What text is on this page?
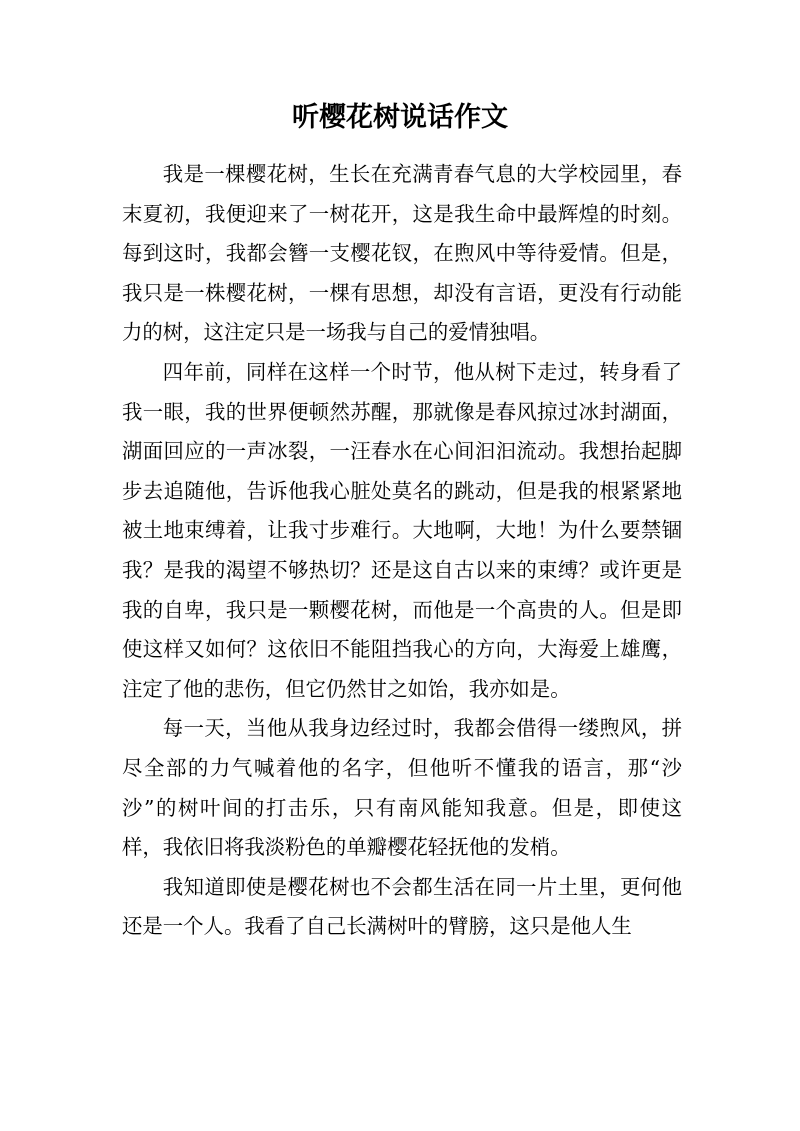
听樱花树说话作文

我是一棵樱花树，生长在充满青春气息的大学校园里，春末夏初，我便迎来了一树花开，这是我生命中最辉煌的时刻。每到这时，我都会簪一支樱花钗，在煦风中等待爱情。但是，我只是一株樱花树，一棵有思想，却没有言语，更没有行动能力的树，这注定只是一场我与自己的爱情独唱。

四年前，同样在这样一个时节，他从树下走过，转身看了我一眼，我的世界便顿然苏醒，那就像是春风掠过冰封湖面，湖面回应的一声冰裂，一汪春水在心间汩汩流动。我想抬起脚步去追随他，告诉他我心脏处莫名的跳动，但是我的根紧紧地被土地束缚着，让我寸步难行。大地啊，大地！为什么要禁锢我？是我的渴望不够热切？还是这自古以来的束缚？或许更是我的自卑，我只是一颗樱花树，而他是一个高贵的人。但是即使这样又如何？这依旧不能阻挡我心的方向，大海爱上雄鹰，注定了他的悲伤，但它仍然甘之如饴，我亦如是。

每一天，当他从我身边经过时，我都会借得一缕煦风，拼尽全部的力气喊着他的名字，但他听不懂我的语言，那“沙沙”的树叶间的打击乐，只有南风能知我意。但是，即使这样，我依旧将我淡粉色的单瓣樱花轻抚他的发梢。

我知道即使是樱花树也不会都生活在同一片土里，更何他还是一个人。我看了自己长满树叶的臂膀，这只是他人生
